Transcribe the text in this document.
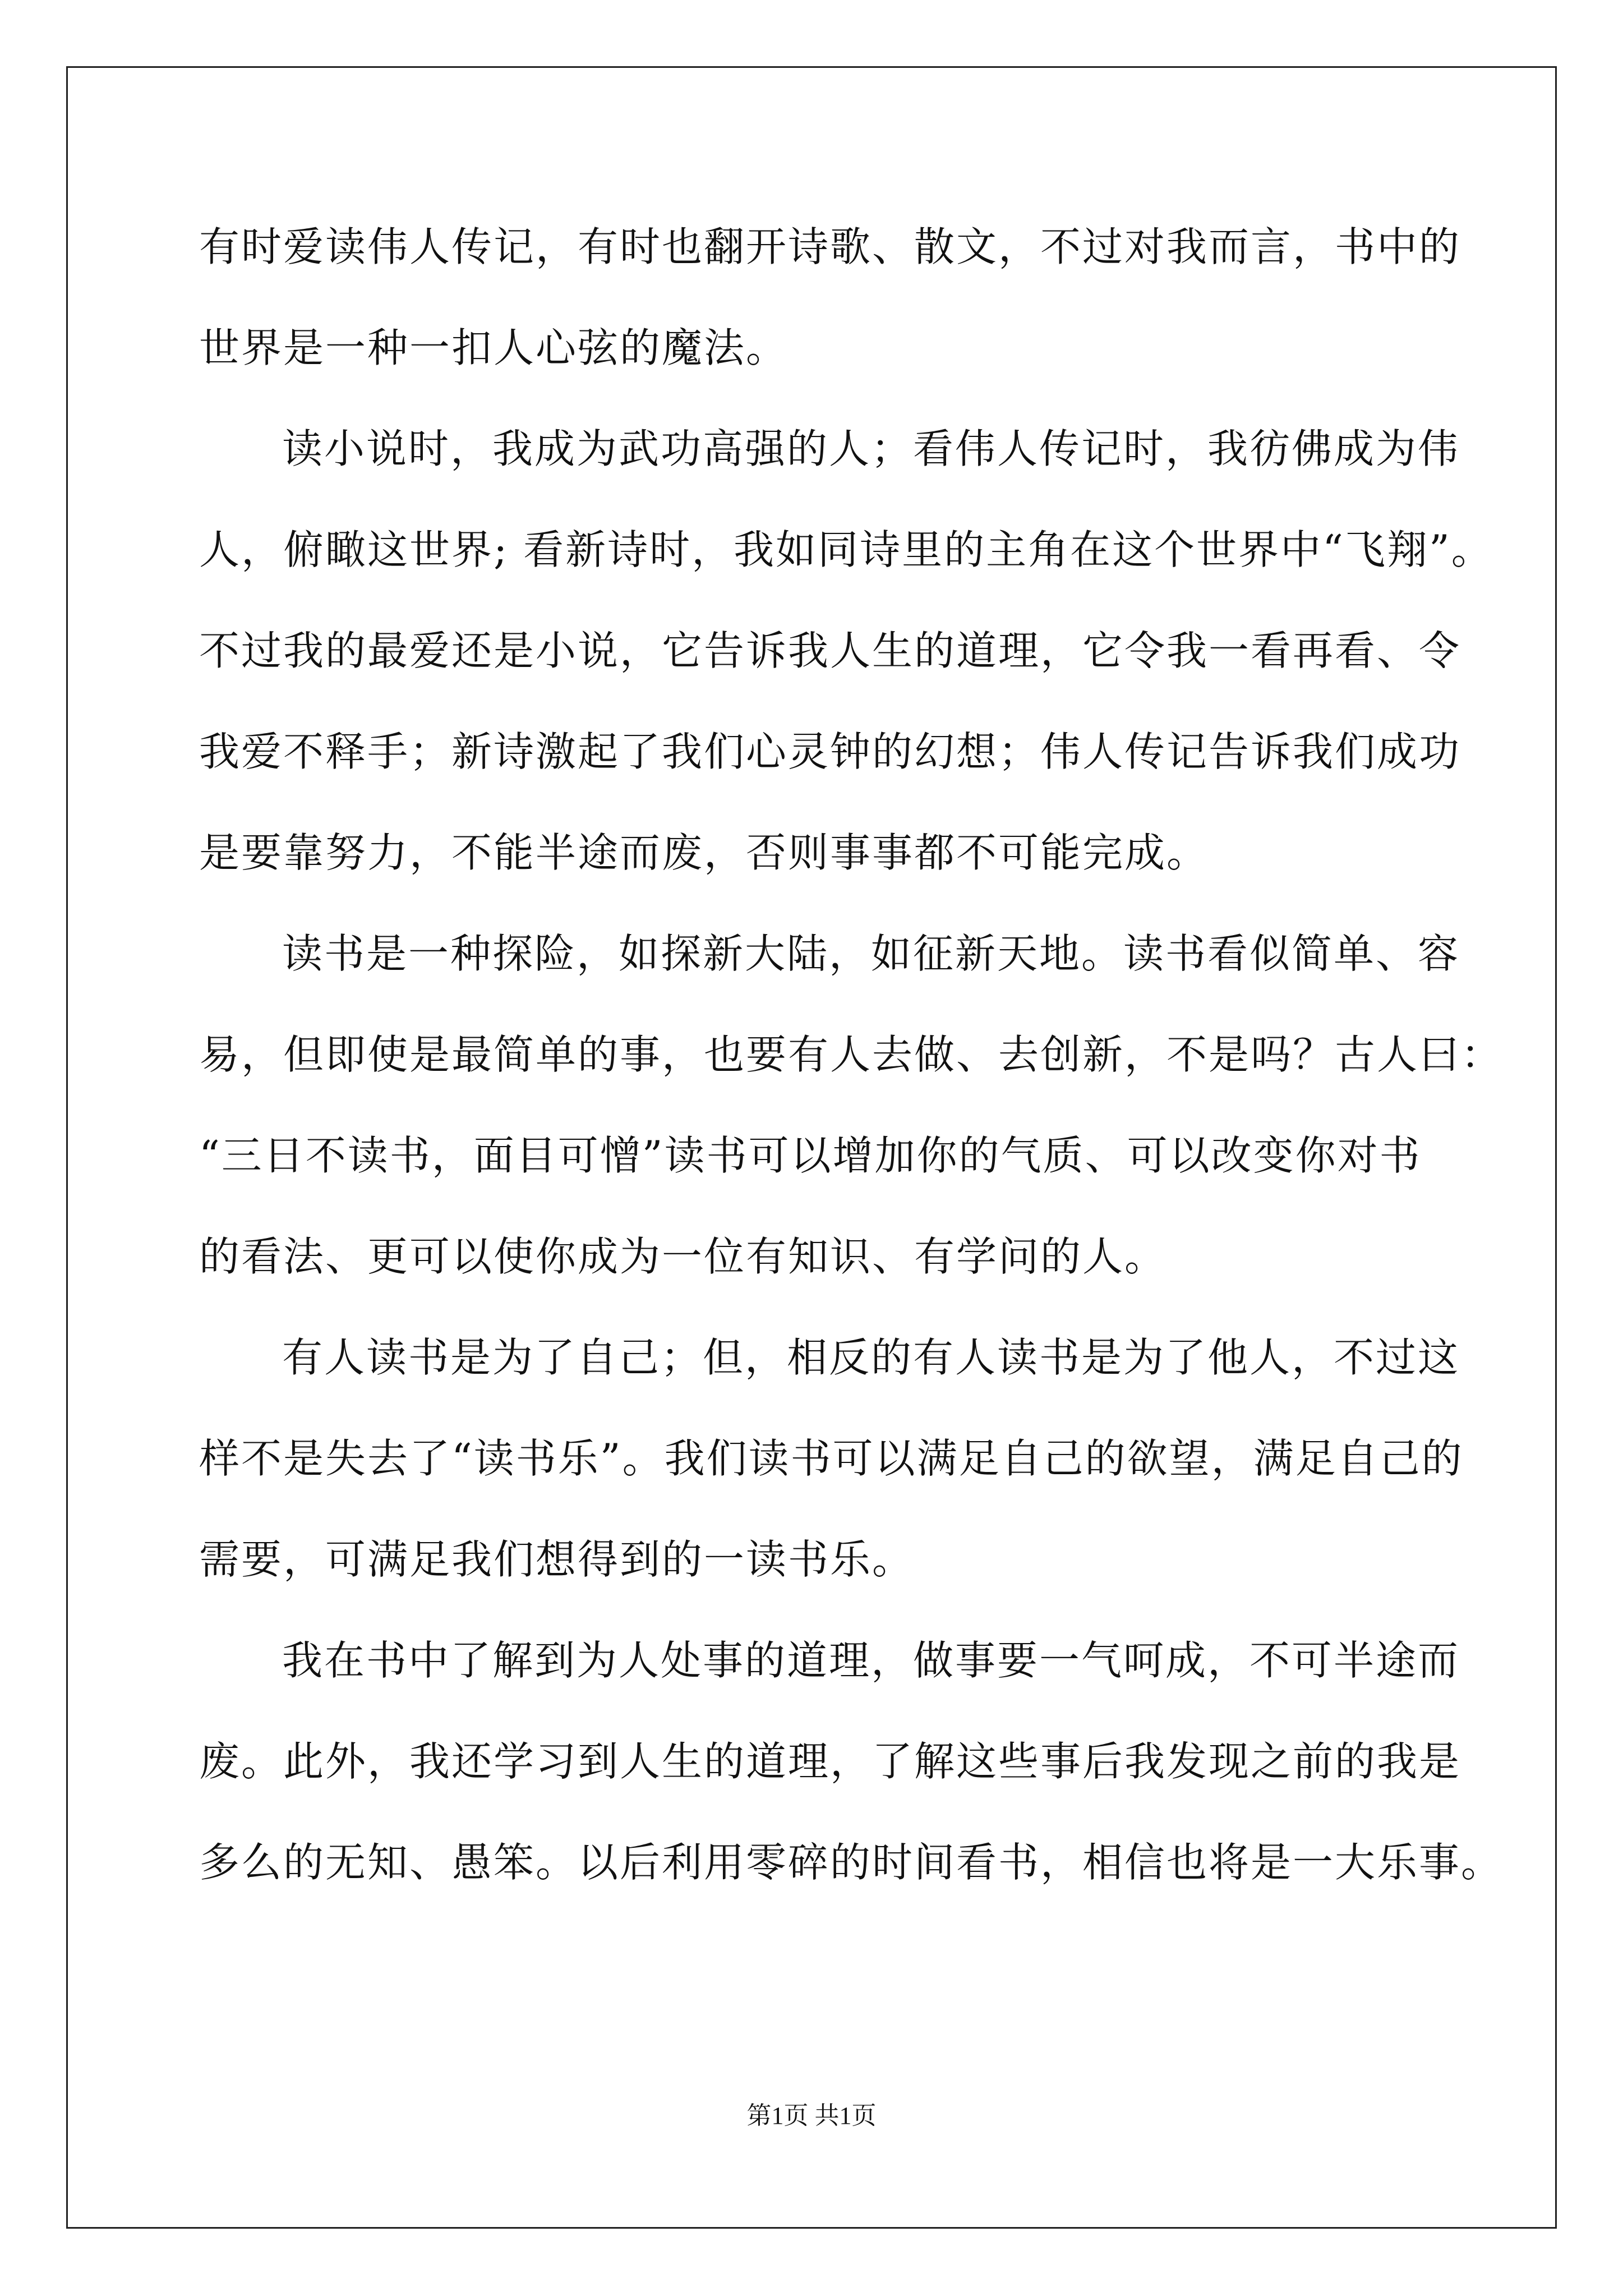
有时爱读伟人传记，有时也翻开诗歌、散文，不过对我而言，书中的
世界是一种一扣人心弦的魔法。
读小说时，我成为武功高强的人；看伟人传记时，我彷佛成为伟
人，俯瞰这世界; 看新诗时，我如同诗里的主角在这个世界中“飞翔”。
不过我的最爱还是小说，它告诉我人生的道理，它令我一看再看、令
我爱不释手；新诗激起了我们心灵钟的幻想；伟人传记告诉我们成功
是要靠努力，不能半途而废，否则事事都不可能完成。
读书是一种探险，如探新大陆，如征新天地。读书看似简单、容
易，但即使是最简单的事，也要有人去做、去创新，不是吗？古人曰：
“三日不读书，面目可憎”读书可以增加你的气质、可以改变你对书
的看法、更可以使你成为一位有知识、有学问的人。
有人读书是为了自己；但，相反的有人读书是为了他人，不过这
样不是失去了“读书乐”。我们读书可以满足自己的欲望，满足自己的
需要，可满足我们想得到的一读书乐。
我在书中了解到为人处事的道理，做事要一气呵成，不可半途而
废。此外，我还学习到人生的道理，了解这些事后我发现之前的我是
多么的无知、愚笨。以后利用零碎的时间看书，相信也将是一大乐事。
第1页 共1页
